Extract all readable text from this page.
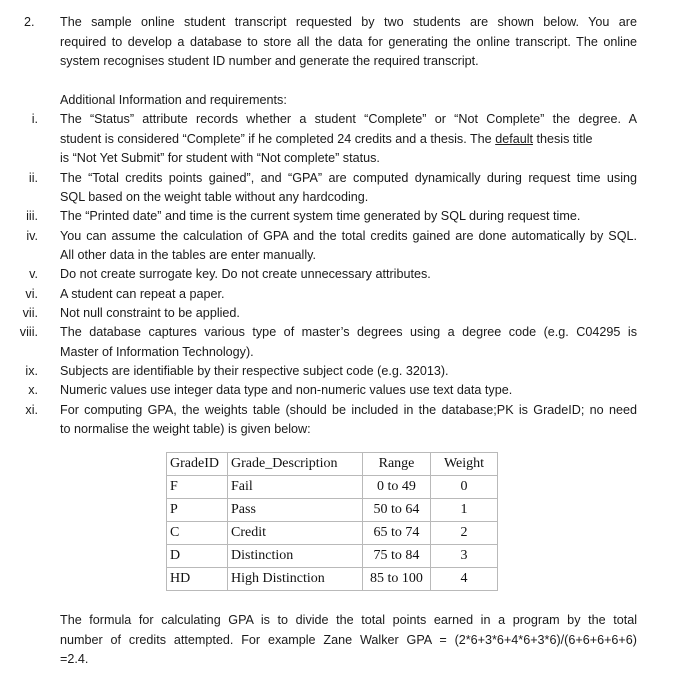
2. The sample online student transcript requested by two students are shown below. You are
required to develop a database to store all the data for generating the online transcript. The online
system recognises student ID number and generate the required transcript.
Additional Information and requirements:
i. The “Status” attribute records whether a student “Complete” or “Not Complete” the degree. A
student is considered “Complete” if he completed 24 credits and a thesis. The default thesis title
is “Not Yet Submit” for student with “Not complete” status.
ii. The “Total credits points gained”, and “GPA” are computed dynamically during request time using
SQL based on the weight table without any hardcoding.
iii. The “Printed date” and time is the current system time generated by SQL during request time.
iv. You can assume the calculation of GPA and the total credits gained are done automatically by SQL.
All other data in the tables are enter manually.
v. Do not create surrogate key. Do not create unnecessary attributes.
vi. A student can repeat a paper.
vii. Not null constraint to be applied.
viii. The database captures various type of master’s degrees using a degree code (e.g. C04295 is
Master of Information Technology).
ix. Subjects are identifiable by their respective subject code (e.g. 32013).
x. Numeric values use integer data type and non-numeric values use text data type.
xi. For computing GPA, the weights table (should be included in the database;PK is GradeID; no need
to normalise the weight table) is given below:
GradeID	Grade_Description	Range	Weight
F	Fail	0 to 49	0
P	Pass	50 to 64	1
C	Credit	65 to 74	2
D	Distinction	75 to 84	3
HD	High Distinction	85 to 100	4
The formula for calculating GPA is to divide the total points earned in a program by the total
number of credits attempted. For example Zane Walker GPA = (2*6+3*6+4*6+3*6)/(6+6+6+6+6)
=2.4.
